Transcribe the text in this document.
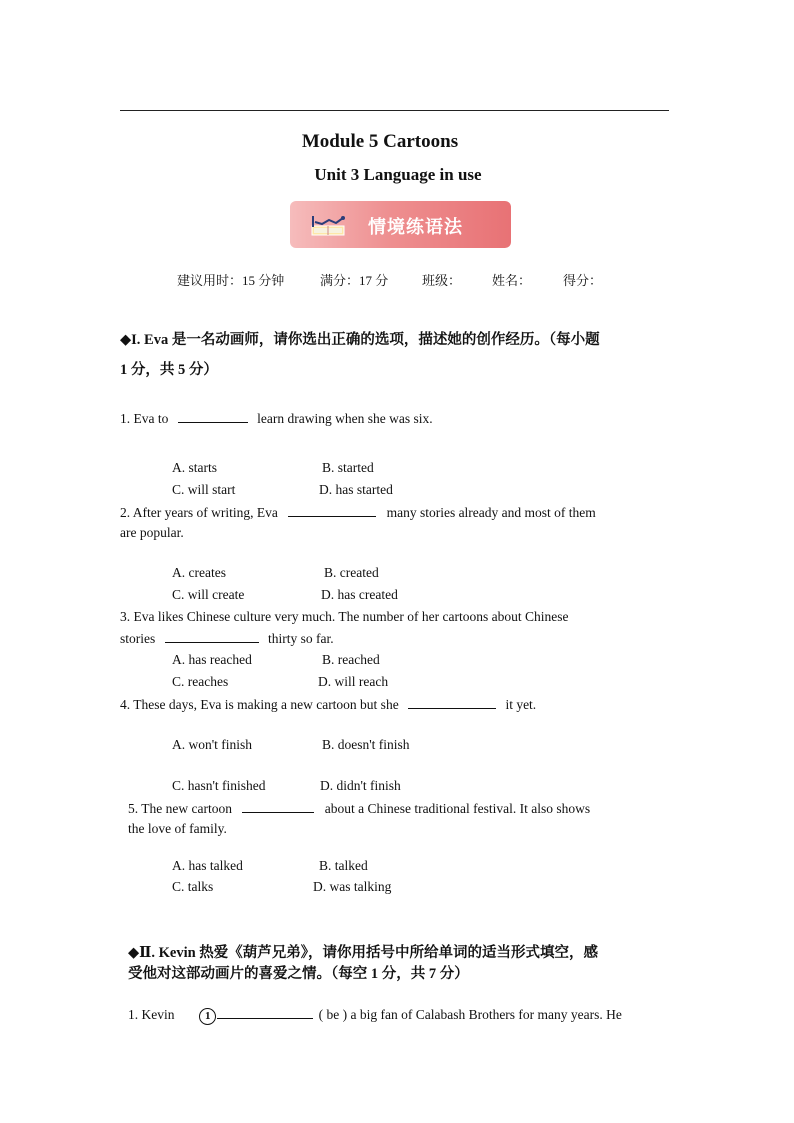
Module 5 Cartoons
Unit 3 Language in use
情境练语法
建议用时：15 分钟	满分：17 分	班级： 姓名： 得分：
◆I. Eva 是一名动画师，请你选出正确的选项，描述她的创作经历。（每小题
1 分，共 5 分）
1. Eva to	learn drawing when she was six.
A. starts	B. started
C. will start	D. has started
2. After years of writing, Eva	many stories already and most of them
are popular.
A. creates	B. created
C. will create	D. has created
3. Eva likes Chinese culture very much. The number of her cartoons about Chinese
stories	thirty so far.
A. has reached	B. reached
C. reaches	D. will reach
4. These days, Eva is making a new cartoon but she	it yet.
A. won't finish	B. doesn't finish
C. hasn't finished	D. didn't finish
5. The new cartoon	about a Chinese traditional festival. It also shows
the love of family.
A. has talked	B. talked
C. talks	D. was talking
◆Ⅱ. Kevin 热爱《葫芦兄弟》，请你用括号中所给单词的适当形式填空，感
受他对这部动画片的喜爱之情。（每空 1 分，共 7 分）
1. Kevin	1	( be ) a big fan of Calabash Brothers for many years. He
